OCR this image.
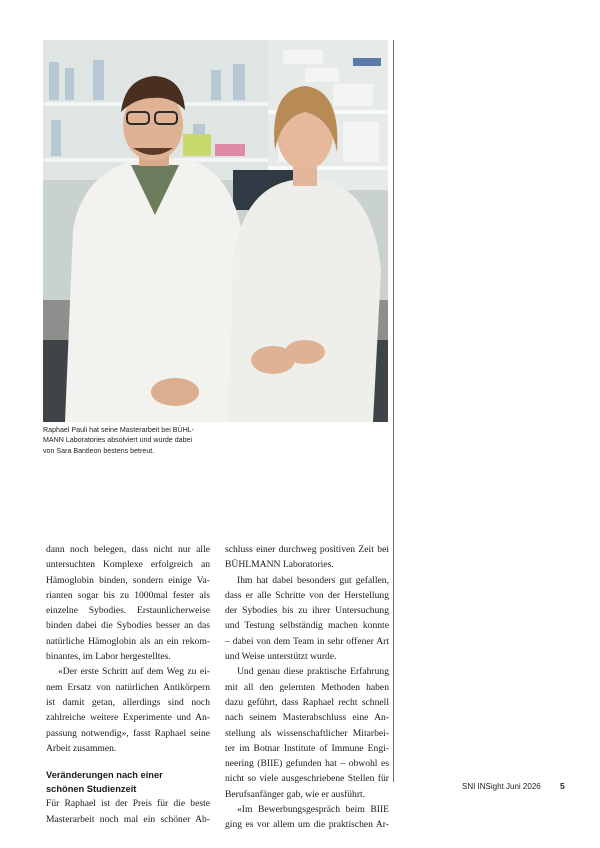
Raphael Pauli hat seine Masterarbeit bei BÜHL-
MANN Laboratories absolviert und wurde dabei
von Sara Bantleon bestens betreut.
dann noch belegen, dass nicht nur alle
untersuchten Komplexe erfolgreich an
Hämoglobin binden, sondern einige Va-
rianten sogar bis zu 1000mal fester als
einzelne Sybodies. Erstaunlicherweise
binden dabei die Sybodies besser an das
natürliche Hämoglobin als an ein rekom-
binantes, im Labor hergestelltes.
«Der erste Schritt auf dem Weg zu ei-
nem Ersatz von natürlichen Antikörpern
ist damit getan, allerdings sind noch
zahlreiche weitere Experimente und An-
passung notwendig», fasst Raphael seine
Arbeit zusammen.
Veränderungen nach einer
schönen Studienzeit
Für Raphael ist der Preis für die beste
Masterarbeit noch mal ein schöner Ab-
schluss einer durchweg positiven Zeit bei
BÜHLMANN Laboratories.
Ihm hat dabei besonders gut gefallen,
dass er alle Schritte von der Herstellung
der Sybodies bis zu ihrer Untersuchung
und Testung selbständig machen konnte
– dabei von dem Team in sehr offener Art
und Weise unterstützt wurde.
Und genau diese praktische Erfahrung
mit all den gelernten Methoden haben
dazu geführt, dass Raphael recht schnell
nach seinem Masterabschluss eine An-
stellung als wissenschaftlicher Mitarbei-
ter im Botnar Institute of Immune Engi-
neering (BIIE) gefunden hat – obwohl es
nicht so viele ausgeschriebene Stellen für
Berufsanfänger gab, wie er ausführt.
«Im Bewerbungsgespräch beim BIIE
ging es vor allem um die praktischen Ar-
SNI INSight Juni 2026 5
